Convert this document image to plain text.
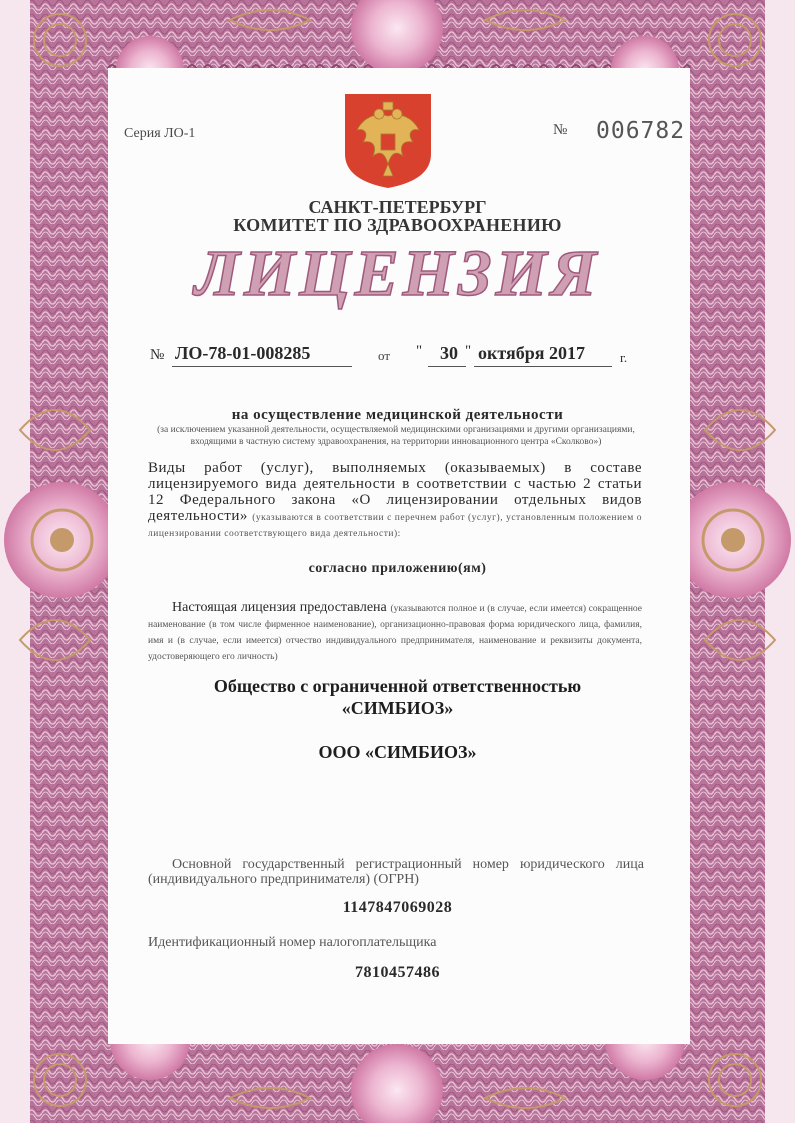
Серия ЛО-1	№ 006782
САНКТ-ПЕТЕРБУРГ
КОМИТЕТ ПО ЗДРАВООХРАНЕНИЮ
ЛИЦЕНЗИЯ
№ ЛО-78-01-008285	от " 30 " октября 2017	г.
на осуществление медицинской деятельности
(за исключением указанной деятельности, осуществляемой медицинскими организациями и другими организациями, входящими в частную систему здравоохранения, на территории инновационного центра «Сколково»)
Виды работ (услуг), выполняемых (оказываемых) в составе лицензируемого вида деятельности в соответствии с частью 2 статьи 12 Федерального закона «О лицензировании отдельных видов деятельности» (указываются в соответствии с перечнем работ (услуг), установленным положением о лицензировании соответствующего вида деятельности):
согласно приложению(ям)
Настоящая лицензия предоставлена (указываются полное и (в случае, если имеется) сокращенное наименование (в том числе фирменное наименование), организационно-правовая форма юридического лица, фамилия, имя и (в случае, если имеется) отчество индивидуального предпринимателя, наименование и реквизиты документа, удостоверяющего его личность)
Общество с ограниченной ответственностью
«СИМБИОЗ»
ООО «СИМБИОЗ»
Основной государственный регистрационный номер юридического лица (индивидуального предпринимателя) (ОГРН)
1147847069028
Идентификационный номер налогоплательщика
7810457486
